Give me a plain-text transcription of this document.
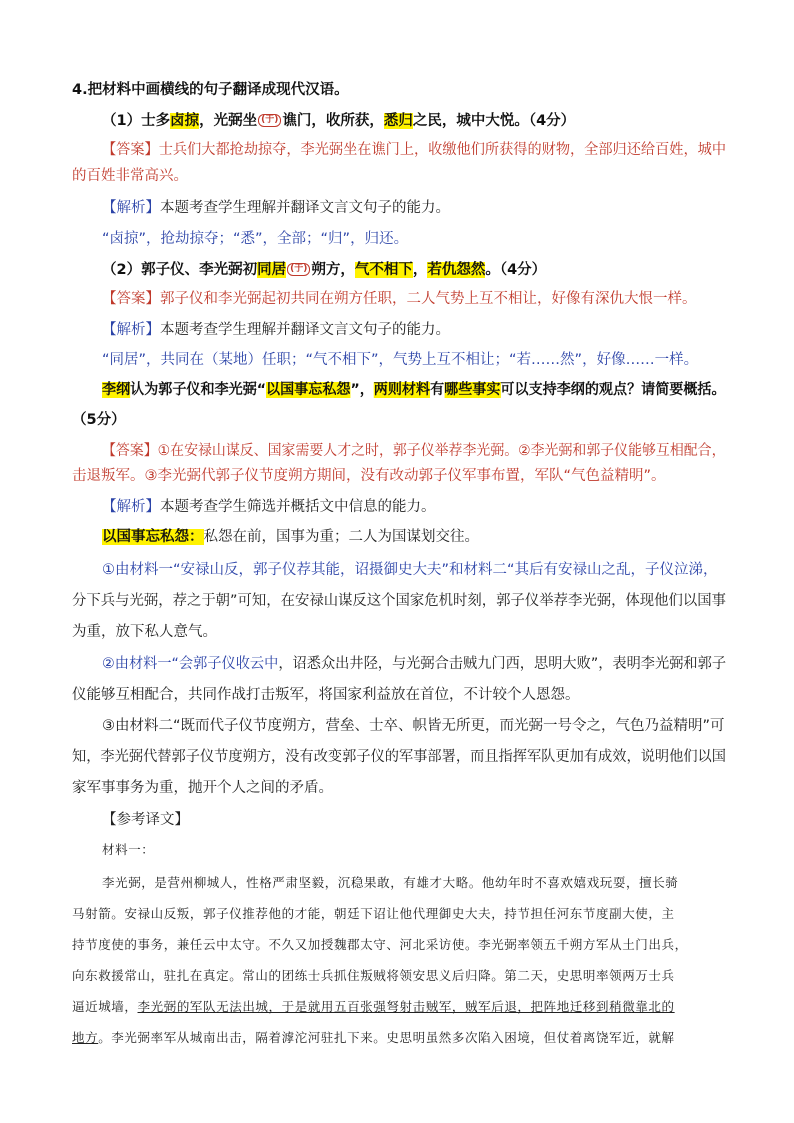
4.把材料中画横线的句子翻译成现代汉语。
（1）士多卤掠，光弼坐 (于) 谯门，收所获，悉归之民，城中大悦。（4分）
【答案】士兵们大都抢劫掠夺，李光弼坐在谯门上，收缴他们所获得的财物，全部归还给百姓，城中
的百姓非常高兴。
【解析】本题考查学生理解并翻译文言文句子的能力。
“卤掠”，抢劫掠夺；“悉”，全部；“归”，归还。
（2）郭子仪、李光弼初同居 (于) 朔方，气不相下，若仇怨然。（4分）
【答案】郭子仪和李光弼起初共同在朔方任职，二人气势上互不相让，好像有深仇大恨一样。
【解析】本题考查学生理解并翻译文言文句子的能力。
“同居”，共同在（某地）任职；“气不相下”，气势上互不相让；“若……然”，好像……一样。
李纲认为郭子仪和李光弼“以国事忘私怨”，两则材料有哪些事实可以支持李纲的观点？请简要概括。
（5分）
【答案】①在安禄山谋反、国家需要人才之时，郭子仪举荐李光弼。②李光弼和郭子仪能够互相配合，
击退叛军。③李光弼代郭子仪节度朔方期间，没有改动郭子仪军事布置，军队“气色益精明”。
【解析】本题考查学生筛选并概括文中信息的能力。
以国事忘私怨：私怨在前，国事为重；二人为国谋划交往。
①由材料一“安禄山反，郭子仪荐其能，诏摄御史大夫”和材料二“其后有安禄山之乱，子仪泣涕，
分下兵与光弼，荐之于朝”可知，在安禄山谋反这个国家危机时刻，郭子仪举荐李光弼，体现他们以国事
为重，放下私人意气。
②由材料一“会郭子仪收云中，诏悉众出井陉，与光弼合击贼九门西，思明大败”，表明李光弼和郭子
仪能够互相配合，共同作战打击叛军，将国家利益放在首位，不计较个人恩怨。
③由材料二“既而代子仪节度朔方，营垒、士卒、帜皆无所更，而光弼一号令之，气色乃益精明”可
知，李光弼代替郭子仪节度朔方，没有改变郭子仪的军事部署，而且指挥军队更加有成效，说明他们以国
家军事事务为重，抛开个人之间的矛盾。
【参考译文】
材料一：
李光弼，是营州柳城人，性格严肃坚毅，沉稳果敢，有雄才大略。他幼年时不喜欢嬉戏玩耍，擅长骑
马射箭。安禄山反叛，郭子仪推荐他的才能，朝廷下诏让他代理御史大夫，持节担任河东节度副大使，主
持节度使的事务，兼任云中太守。不久又加授魏郡太守、河北采访使。李光弼率领五千朔方军从土门出兵，
向东救援常山，驻扎在真定。常山的团练士兵抓住叛贼将领安思义后归降。第二天，史思明率领两万士兵
逼近城墙，李光弼的军队无法出城，于是就用五百张强弩射击贼军，贼军后退，把阵地迁移到稍微靠北的
地方。李光弼率军从城南出击，隔着滹沱河驻扎下来。史思明虽然多次陷入困境，但仗着离饶军近，就解
